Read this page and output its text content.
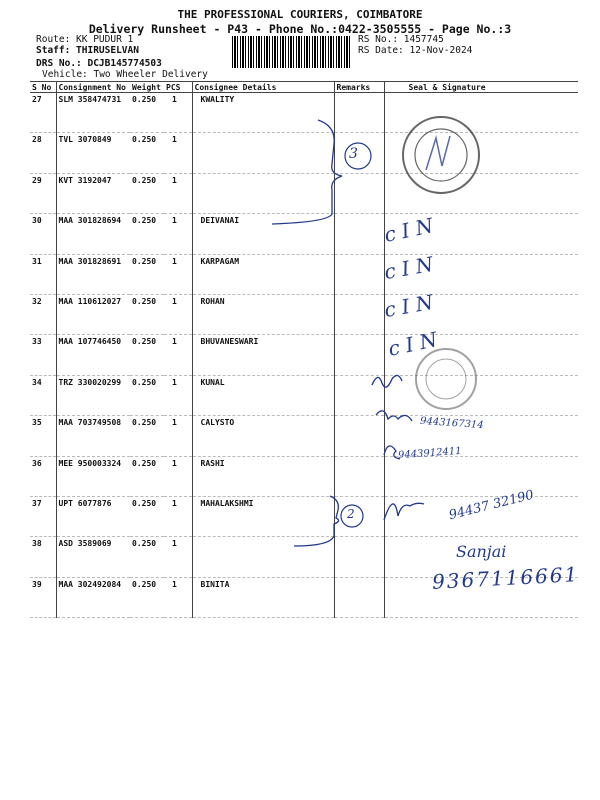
THE PROFESSIONAL COURIERS, COIMBATORE
Delivery Runsheet - P43 - Phone No.:0422-3505555 - Page No.:3
Route: KK PUDUR 1
Staff: THIRUSELVAN
DRS No.: DCJB145774503
Vehicle: Two Wheeler Delivery
RS No.: 1457745
RS Date: 12-Nov-2024
S No	Consignment No	Weight	PCS	Consignee Details	Remarks	Seal & Signature
27	SLM 358474731	0.250	1	KWALITY		
28	TVL 3070849	0.250	1			
29	KVT 3192047	0.250	1			
30	MAA 301828694	0.250	1	DEIVANAI		
31	MAA 301828691	0.250	1	KARPAGAM		
32	MAA 110612027	0.250	1	ROHAN		
33	MAA 107746450	0.250	1	BHUVANESWARI		
34	TRZ 330020299	0.250	1	KUNAL		
35	MAA 703749508	0.250	1	CALYSTO		
36	MEE 950003324	0.250	1	RASHI		
37	UPT 6077876	0.250	1	MAHALAKSHMI		
38	ASD 3589069	0.250	1			
39	MAA 302492084	0.250	1	BINITA		
3
2
c I N
c I N
c I N
c I N
9443167314
9443912411
94437 32190
Sanjai
9367116661
